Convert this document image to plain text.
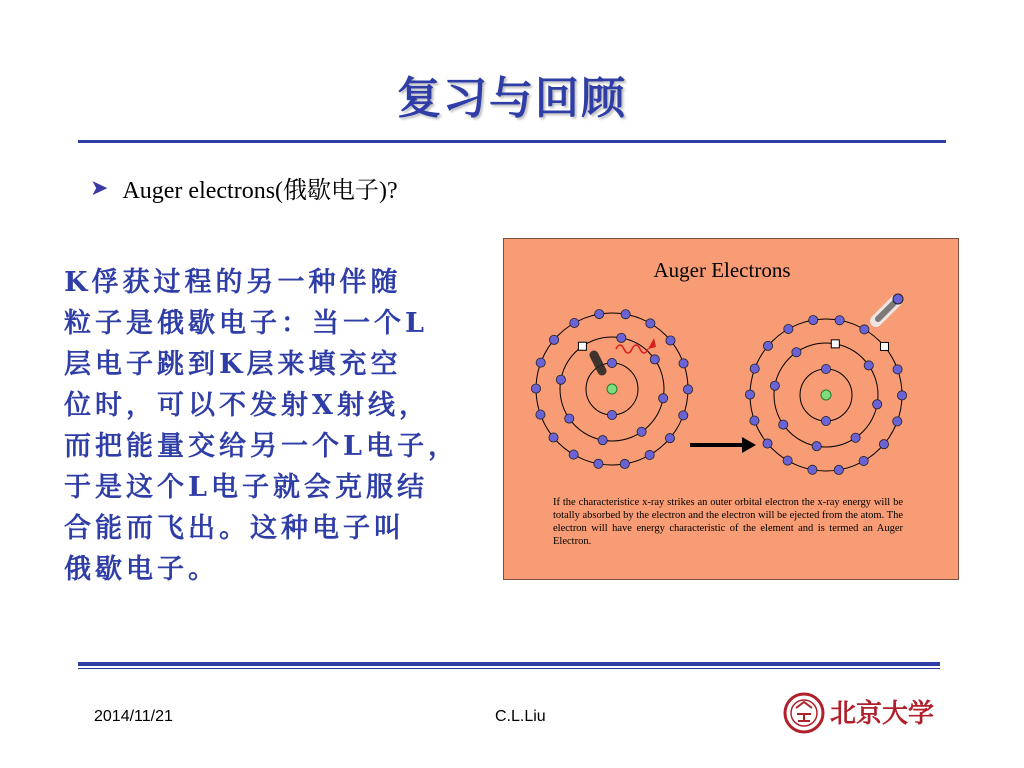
复习与回顾
➤ Auger electrons(俄歇电子)?
K俘获过程的另一种伴随
粒子是俄歇电子：当一个L
层电子跳到K层来填充空
位时，可以不发射X射线，
而把能量交给另一个L电子，
于是这个L电子就会克服结
合能而飞出。这种电子叫
俄歇电子。
Auger Electrons
If the characteristice x-ray strikes an outer orbital electron the x-ray energy will be totally absorbed by the electron and the electron will be ejected from the atom. The electron will have energy characteristic of the element and is termed an Auger Electron.
2014/11/21	C.L.Liu	北京大学
